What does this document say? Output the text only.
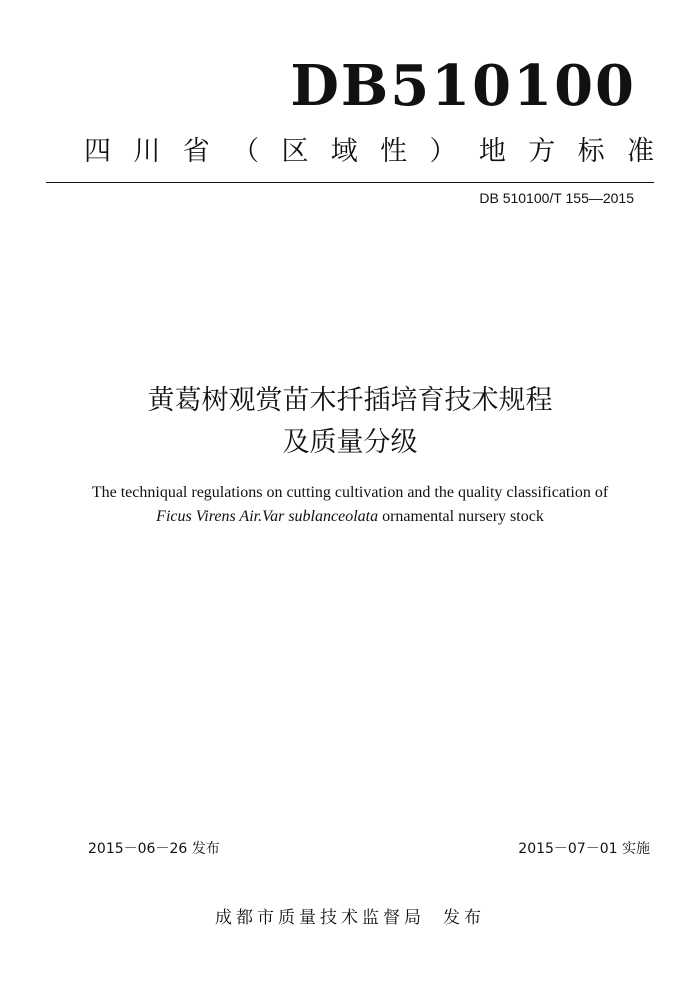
DB510100
四 川 省 （ 区 域 性 ） 地 方 标 准
DB 510100/T 155—2015
黄葛树观赏苗木扦插培育技术规程
及质量分级
The techniqual regulations on cutting cultivation and the quality classification of
Ficus Virens Air.Var sublanceolata ornamental nursery stock
2015－06－26 发布	2015－07－01 实施
成都市质量技术监督局 发布
